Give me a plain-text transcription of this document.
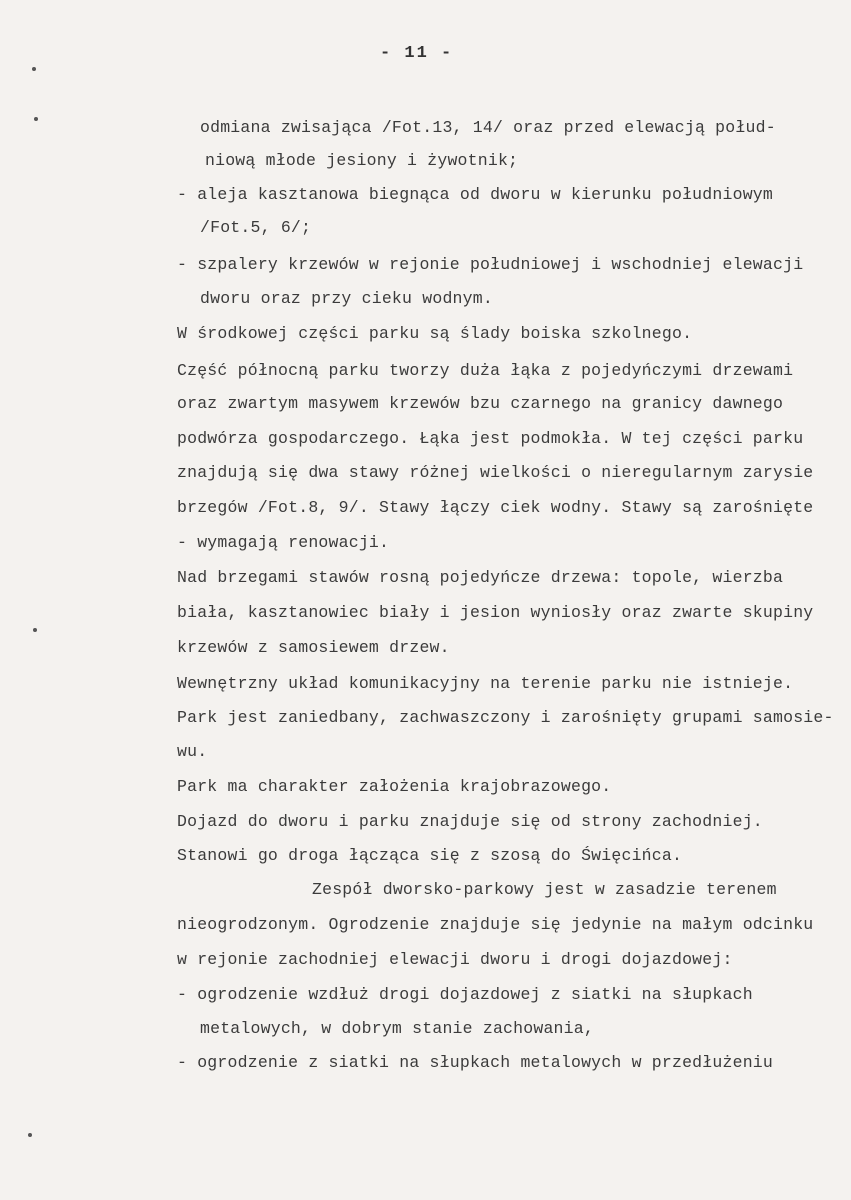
- 11 -
odmiana zwisająca /Fot.13, 14/ oraz przed elewacją połud-
niową młode jesiony i żywotnik;
- aleja kasztanowa biegnąca od dworu w kierunku południowym
/Fot.5, 6/;
- szpalery krzewów w rejonie południowej i wschodniej elewacji
dworu oraz przy cieku wodnym.
W środkowej części parku są ślady boiska szkolnego.
Część północną parku tworzy duża łąka z pojedyńczymi drzewami
oraz zwartym masywem krzewów bzu czarnego na granicy dawnego
podwórza gospodarczego. Łąka jest podmokła. W tej części parku
znajdują się dwa stawy różnej wielkości o nieregularnym zarysie
brzegów /Fot.8, 9/. Stawy łączy ciek wodny. Stawy są zarośnięte
- wymagają renowacji.
Nad brzegami stawów rosną pojedyńcze drzewa: topole, wierzba
biała, kasztanowiec biały i jesion wyniosły oraz zwarte skupiny
krzewów z samosiewem drzew.
Wewnętrzny układ komunikacyjny na terenie parku nie istnieje.
Park jest zaniedbany, zachwaszczony i zarośnięty grupami samosie-
wu.
Park ma charakter założenia krajobrazowego.
Dojazd do dworu i parku znajduje się od strony zachodniej.
Stanowi go droga łącząca się z szosą do Święcińca.
Zespół dworsko-parkowy jest w zasadzie terenem
nieogrodzonym. Ogrodzenie znajduje się jedynie na małym odcinku
w rejonie zachodniej elewacji dworu i drogi dojazdowej:
- ogrodzenie wzdłuż drogi dojazdowej z siatki na słupkach
metalowych, w dobrym stanie zachowania,
- ogrodzenie z siatki na słupkach metalowych w przedłużeniu
